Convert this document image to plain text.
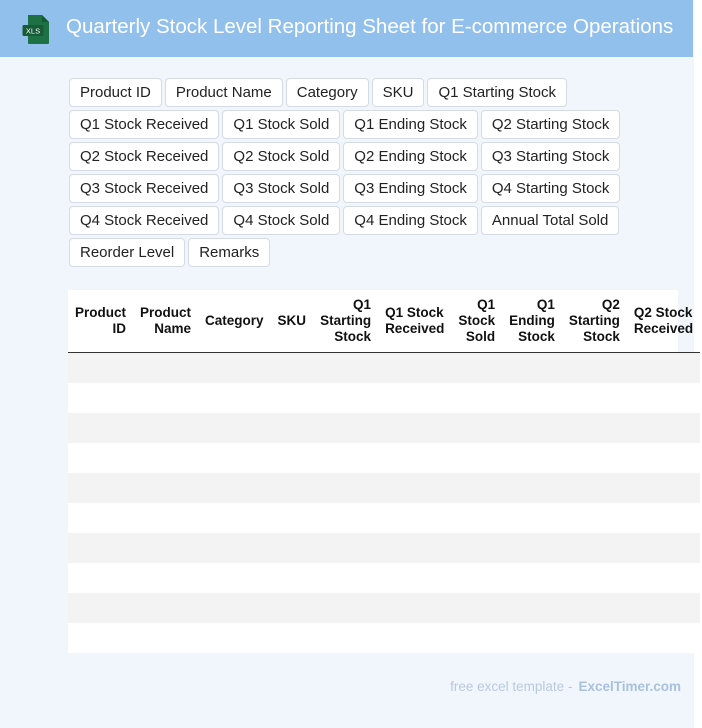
XLS Quarterly Stock Level Reporting Sheet for E-commerce Operations
Product ID	Product Name	Category	SKU	Q1 Starting Stock
Q1 Stock Received	Q1 Stock Sold	Q1 Ending Stock	Q2 Starting Stock
Q2 Stock Received	Q2 Stock Sold	Q2 Ending Stock	Q3 Starting Stock
Q3 Stock Received	Q3 Stock Sold	Q3 Ending Stock	Q4 Starting Stock
Q4 Stock Received	Q4 Stock Sold	Q4 Ending Stock	Annual Total Sold
Reorder Level	Remarks
Product ID	Product Name	Category	SKU	Q1 Starting Stock	Q1 Stock Received	Q1 Stock Sold	Q1 Ending Stock	Q2 Starting Stock	Q2 Stock Received

free excel template - ExcelTimer.com
